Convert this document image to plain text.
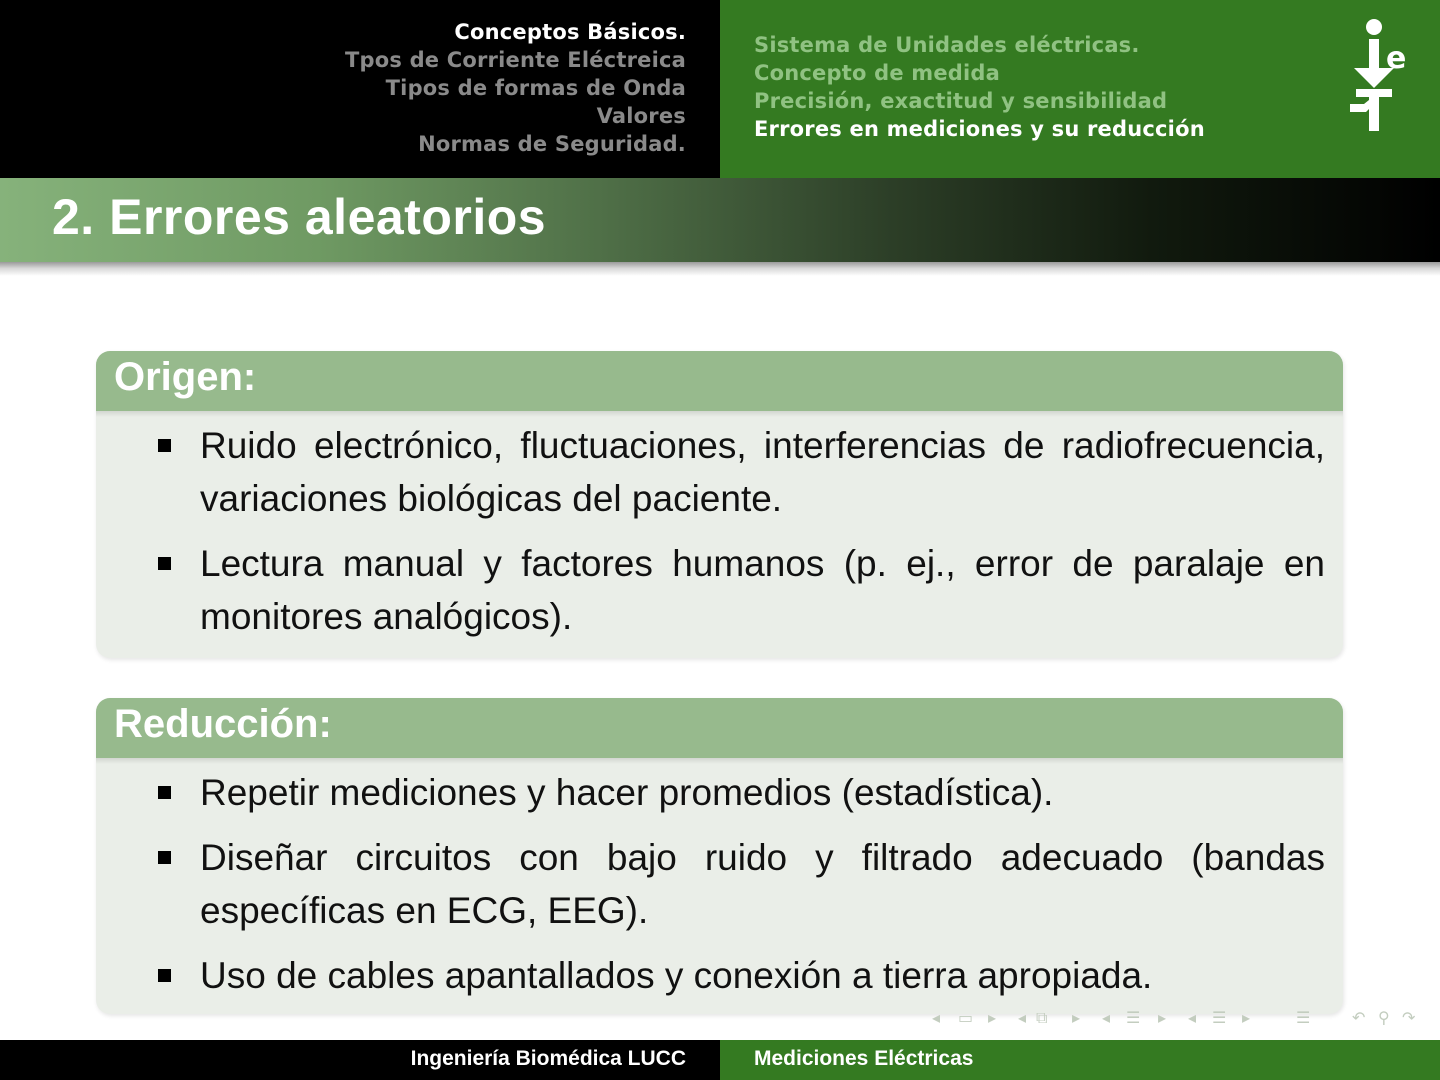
Conceptos Básicos.
Tpos de Corriente Eléctreica
Tipos de formas de Onda
Valores
Normas de Seguridad.
Sistema de Unidades eléctricas.
Concepto de medida
Precisión, exactitud y sensibilidad
Errores en mediciones y su reducción
e
2. Errores aleatorios
Origen:
Ruido electrónico, fluctuaciones, interferencias de radiofrecuencia, variaciones biológicas del paciente.
Lectura manual y factores humanos (p. ej., error de paralaje en monitores analógicos).
Reducción:
Repetir mediciones y hacer promedios (estadística).
Diseñar circuitos con bajo ruido y filtrado adecuado (bandas específicas en ECG, EEG).
Uso de cables apantallados y conexión a tierra apropiada.
◂ ▭ ▸ ◂ ⧉ ▸ ◂ ☰ ▸ ◂ ☰ ▸	☰	↶ ⚲ ↷
Ingeniería Biomédica LUCC	Mediciones Eléctricas
